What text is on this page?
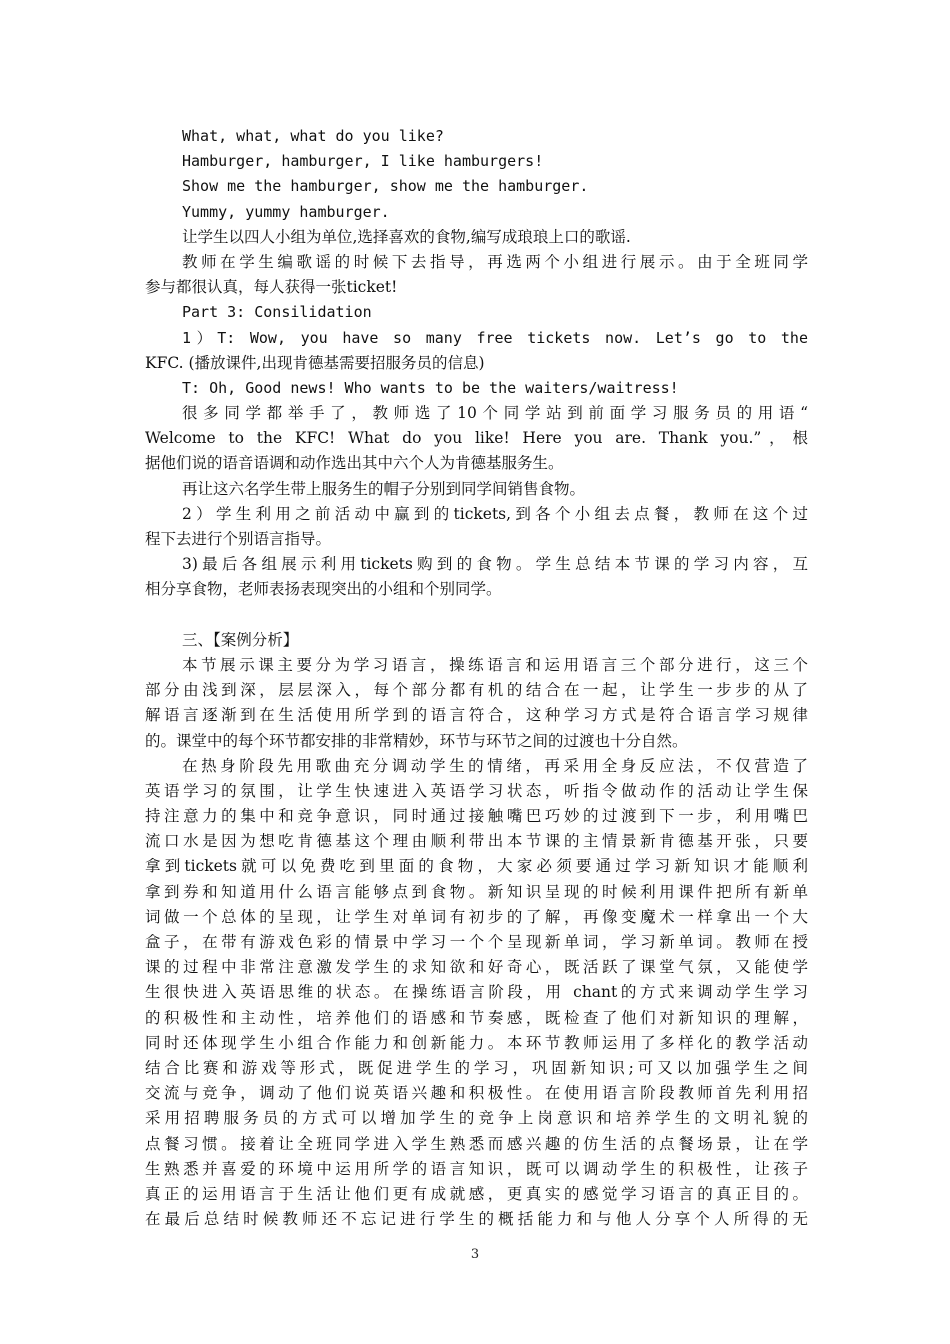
What, what, what do you like?
Hamburger, hamburger, I like hamburgers!
Show me the hamburger, show me the hamburger.
Yummy, yummy hamburger.
让学生以四人小组为单位,选择喜欢的食物,编写成琅琅上口的歌谣.
教师在学生编歌谣的时候下去指导，再选两个小组进行展示。由于全班同学
参与都很认真，每人获得一张ticket!
Part 3: Consilidation
1）T: Wow, you have so many free tickets now. Let’s go to the
KFC. (播放课件,出现肯德基需要招服务员的信息)
T: Oh, Good news! Who wants to be the waiters/waitress!
很多同学都举手了，教师选了10个同学站到前面学习服务员的用语“
Welcome to the KFC! What do you like! Here you are. Thank you.”，根
据他们说的语音语调和动作选出其中六个人为肯德基服务生。
再让这六名学生带上服务生的帽子分别到同学间销售食物。
2）学生利用之前活动中赢到的tickets,到各个小组去点餐，教师在这个过
程下去进行个别语言指导。
3)最后各组展示利用tickets购到的食物。学生总结本节课的学习内容，互
相分享食物，老师表扬表现突出的小组和个别同学。
三、【案例分析】
本节展示课主要分为学习语言，操练语言和运用语言三个部分进行，这三个
部分由浅到深，层层深入，每个部分都有机的结合在一起，让学生一步步的从了
解语言逐渐到在生活使用所学到的语言符合，这种学习方式是符合语言学习规律
的。课堂中的每个环节都安排的非常精妙，环节与环节之间的过渡也十分自然。
在热身阶段先用歌曲充分调动学生的情绪，再采用全身反应法，不仅营造了
英语学习的氛围，让学生快速进入英语学习状态，听指令做动作的活动让学生保
持注意力的集中和竞争意识，同时通过接触嘴巴巧妙的过渡到下一步，利用嘴巴
流口水是因为想吃肯德基这个理由顺利带出本节课的主情景新肯德基开张，只要
拿到tickets就可以免费吃到里面的食物，大家必须要通过学习新知识才能顺利
拿到券和知道用什么语言能够点到食物。新知识呈现的时候利用课件把所有新单
词做一个总体的呈现，让学生对单词有初步的了解，再像变魔术一样拿出一个大
盒子，在带有游戏色彩的情景中学习一个个呈现新单词，学习新单词。教师在授
课的过程中非常注意激发学生的求知欲和好奇心，既活跃了课堂气氛，又能使学
生很快进入英语思维的状态。在操练语言阶段，用 chant的方式来调动学生学习
的积极性和主动性，培养他们的语感和节奏感，既检查了他们对新知识的理解，
同时还体现学生小组合作能力和创新能力。本环节教师运用了多样化的教学活动
结合比赛和游戏等形式，既促进学生的学习，巩固新知识;可又以加强学生之间
交流与竞争，调动了他们说英语兴趣和积极性。在使用语言阶段教师首先利用招
采用招聘服务员的方式可以增加学生的竞争上岗意识和培养学生的文明礼貌的
点餐习惯。接着让全班同学进入学生熟悉而感兴趣的仿生活的点餐场景，让在学
生熟悉并喜爱的环境中运用所学的语言知识，既可以调动学生的积极性，让孩子
真正的运用语言于生活让他们更有成就感，更真实的感觉学习语言的真正目的。
在最后总结时候教师还不忘记进行学生的概括能力和与他人分享个人所得的无
3
